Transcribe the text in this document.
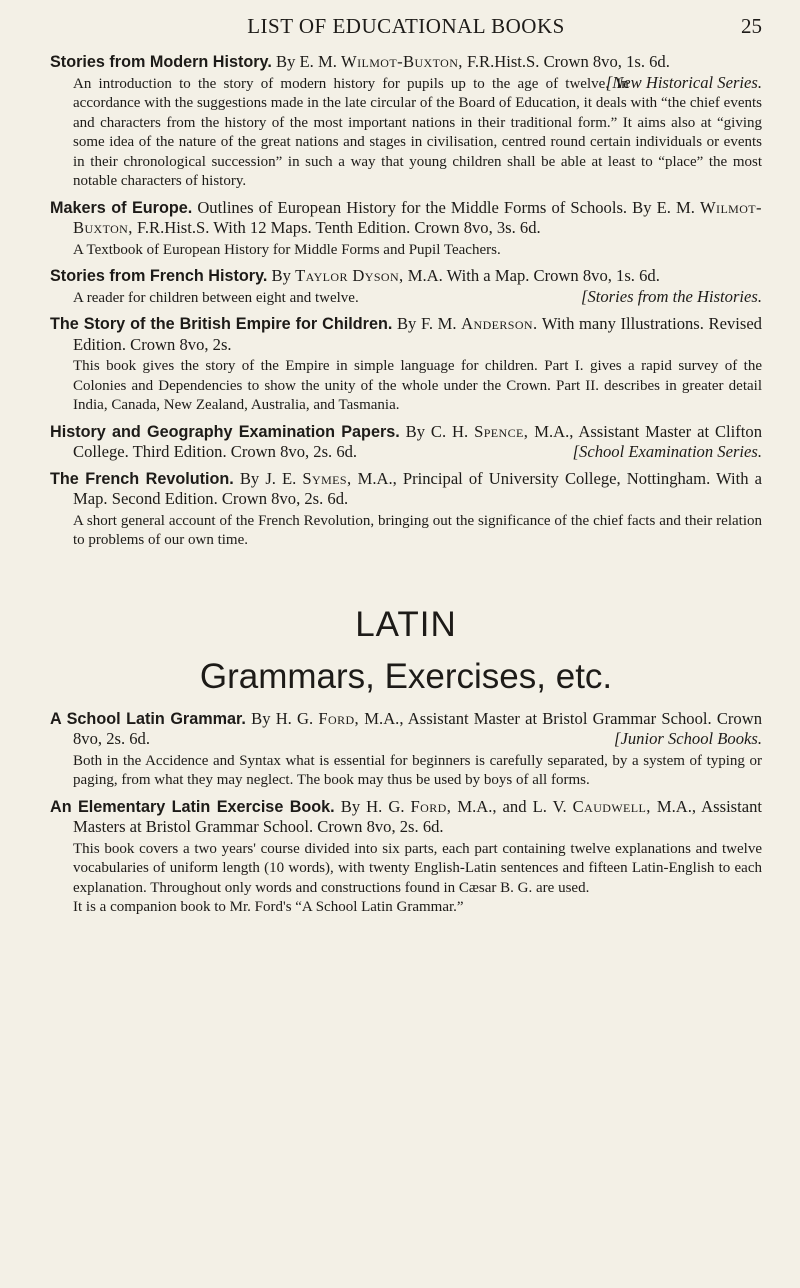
LIST OF EDUCATIONAL BOOKS	25

Stories from Modern History. By E. M. Wilmot-Buxton, F.R.Hist.S. Crown 8vo, 1s. 6d.
[New Historical Series.

An introduction to the story of modern history for pupils up to the age of twelve. In accordance with the suggestions made in the late circular of the Board of Education, it deals with “the chief events and characters from the history of the most important nations in their traditional form.” It aims also at “giving some idea of the nature of the great nations and stages in civilisation, centred round certain individuals or events in their chronological succession” in such a way that young children shall be able at least to “place” the most notable characters of history.

Makers of Europe. Outlines of European History for the Middle Forms of Schools. By E. M. Wilmot-Buxton, F.R.Hist.S. With 12 Maps. Tenth Edition. Crown 8vo, 3s. 6d.

A Textbook of European History for Middle Forms and Pupil Teachers.

Stories from French History. By Taylor Dyson, M.A. With a Map. Crown 8vo, 1s. 6d.
[Stories from the Histories.

A reader for children between eight and twelve.

The Story of the British Empire for Children. By F. M. Anderson. With many Illustrations. Revised Edition. Crown 8vo, 2s.

This book gives the story of the Empire in simple language for children. Part I. gives a rapid survey of the Colonies and Dependencies to show the unity of the whole under the Crown. Part II. describes in greater detail India, Canada, New Zealand, Australia, and Tasmania.

History and Geography Examination Papers. By C. H. Spence, M.A., Assistant Master at Clifton College. Third Edition. Crown 8vo, 2s. 6d.	[School Examination Series.

The French Revolution. By J. E. Symes, M.A., Principal of University College, Nottingham. With a Map. Second Edition. Crown 8vo, 2s. 6d.

A short general account of the French Revolution, bringing out the significance of the chief facts and their relation to problems of our own time.

LATIN
Grammars, Exercises, etc.

A School Latin Grammar. By H. G. Ford, M.A., Assistant Master at Bristol Grammar School. Crown 8vo, 2s. 6d.	[Junior School Books.

Both in the Accidence and Syntax what is essential for beginners is carefully separated, by a system of typing or paging, from what they may neglect. The book may thus be used by boys of all forms.

An Elementary Latin Exercise Book. By H. G. Ford, M.A., and L. V. Caudwell, M.A., Assistant Masters at Bristol Grammar School. Crown 8vo, 2s. 6d.

This book covers a two years' course divided into six parts, each part containing twelve explanations and twelve vocabularies of uniform length (10 words), with twenty English-Latin sentences and fifteen Latin-English to each explanation. Throughout only words and constructions found in Cæsar B. G. are used.

It is a companion book to Mr. Ford's “A School Latin Grammar.”
